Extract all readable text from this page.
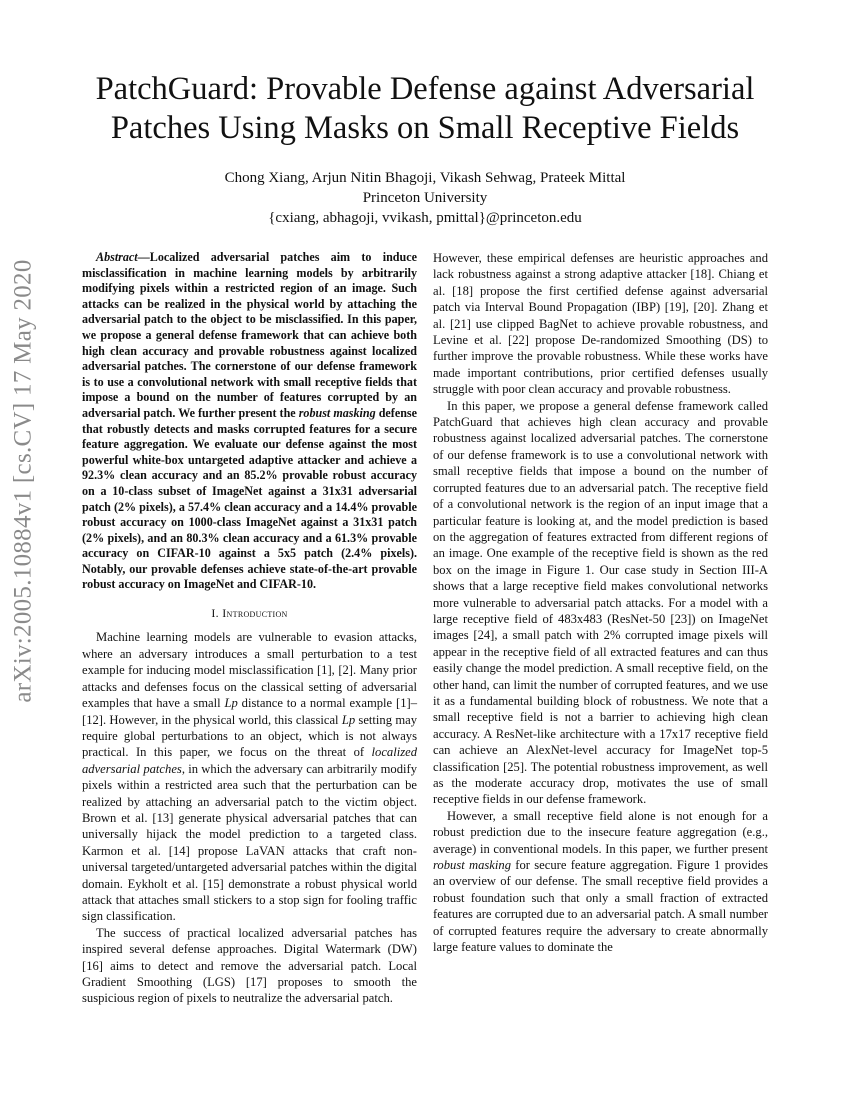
arXiv:2005.10884v1 [cs.CV] 17 May 2020
PatchGuard: Provable Defense against Adversarial Patches Using Masks on Small Receptive Fields
Chong Xiang, Arjun Nitin Bhagoji, Vikash Sehwag, Prateek Mittal
Princeton University
{cxiang, abhagoji, vvikash, pmittal}@princeton.edu

Abstract—Localized adversarial patches aim to induce misclassification in machine learning models by arbitrarily modifying pixels within a restricted region of an image. Such attacks can be realized in the physical world by attaching the adversarial patch to the object to be misclassified. In this paper, we propose a general defense framework that can achieve both high clean accuracy and provable robustness against localized adversarial patches. The cornerstone of our defense framework is to use a convolutional network with small receptive fields that impose a bound on the number of features corrupted by an adversarial patch. We further present the robust masking defense that robustly detects and masks corrupted features for a secure feature aggregation. We evaluate our defense against the most powerful white-box untargeted adaptive attacker and achieve a 92.3% clean accuracy and an 85.2% provable robust accuracy on a 10-class subset of ImageNet against a 31x31 adversarial patch (2% pixels), a 57.4% clean accuracy and a 14.4% provable robust accuracy on 1000-class ImageNet against a 31x31 patch (2% pixels), and an 80.3% clean accuracy and a 61.3% provable accuracy on CIFAR-10 against a 5x5 patch (2.4% pixels). Notably, our provable defenses achieve state-of-the-art provable robust accuracy on ImageNet and CIFAR-10.

I. Introduction

Machine learning models are vulnerable to evasion attacks, where an adversary introduces a small perturbation to a test example for inducing model misclassification [1], [2]. Many prior attacks and defenses focus on the classical setting of adversarial examples that have a small Lp distance to a normal example [1]–[12]. However, in the physical world, this classical Lp setting may require global perturbations to an object, which is not always practical. In this paper, we focus on the threat of localized adversarial patches, in which the adversary can arbitrarily modify pixels within a restricted area such that the perturbation can be realized by attaching an adversarial patch to the victim object. Brown et al. [13] generate physical adversarial patches that can universally hijack the model prediction to a targeted class. Karmon et al. [14] propose LaVAN attacks that craft non-universal targeted/untargeted adversarial patches within the digital domain. Eykholt et al. [15] demonstrate a robust physical world attack that attaches small stickers to a stop sign for fooling traffic sign classification.

The success of practical localized adversarial patches has inspired several defense approaches. Digital Watermark (DW) [16] aims to detect and remove the adversarial patch. Local Gradient Smoothing (LGS) [17] proposes to smooth the suspicious region of pixels to neutralize the adversarial patch.

However, these empirical defenses are heuristic approaches and lack robustness against a strong adaptive attacker [18]. Chiang et al. [18] propose the first certified defense against adversarial patch via Interval Bound Propagation (IBP) [19], [20]. Zhang et al. [21] use clipped BagNet to achieve provable robustness, and Levine et al. [22] propose De-randomized Smoothing (DS) to further improve the provable robustness. While these works have made important contributions, prior certified defenses usually struggle with poor clean accuracy and provable robustness.

In this paper, we propose a general defense framework called PatchGuard that achieves high clean accuracy and provable robustness against localized adversarial patches. The cornerstone of our defense framework is to use a convolutional network with small receptive fields that impose a bound on the number of corrupted features due to an adversarial patch. The receptive field of a convolutional network is the region of an input image that a particular feature is looking at, and the model prediction is based on the aggregation of features extracted from different regions of an image. One example of the receptive field is shown as the red box on the image in Figure 1. Our case study in Section III-A shows that a large receptive field makes convolutional networks more vulnerable to adversarial patch attacks. For a model with a large receptive field of 483x483 (ResNet-50 [23]) on ImageNet images [24], a small patch with 2% corrupted image pixels will appear in the receptive field of all extracted features and can thus easily change the model prediction. A small receptive field, on the other hand, can limit the number of corrupted features, and we use it as a fundamental building block of robustness. We note that a small receptive field is not a barrier to achieving high clean accuracy. A ResNet-like architecture with a 17x17 receptive field can achieve an AlexNet-level accuracy for ImageNet top-5 classification [25]. The potential robustness improvement, as well as the moderate accuracy drop, motivates the use of small receptive fields in our defense framework.

However, a small receptive field alone is not enough for a robust prediction due to the insecure feature aggregation (e.g., average) in conventional models. In this paper, we further present robust masking for secure feature aggregation. Figure 1 provides an overview of our defense. The small receptive field provides a robust foundation such that only a small fraction of extracted features are corrupted due to an adversarial patch. A small number of corrupted features require the adversary to create abnormally large feature values to dominate the
